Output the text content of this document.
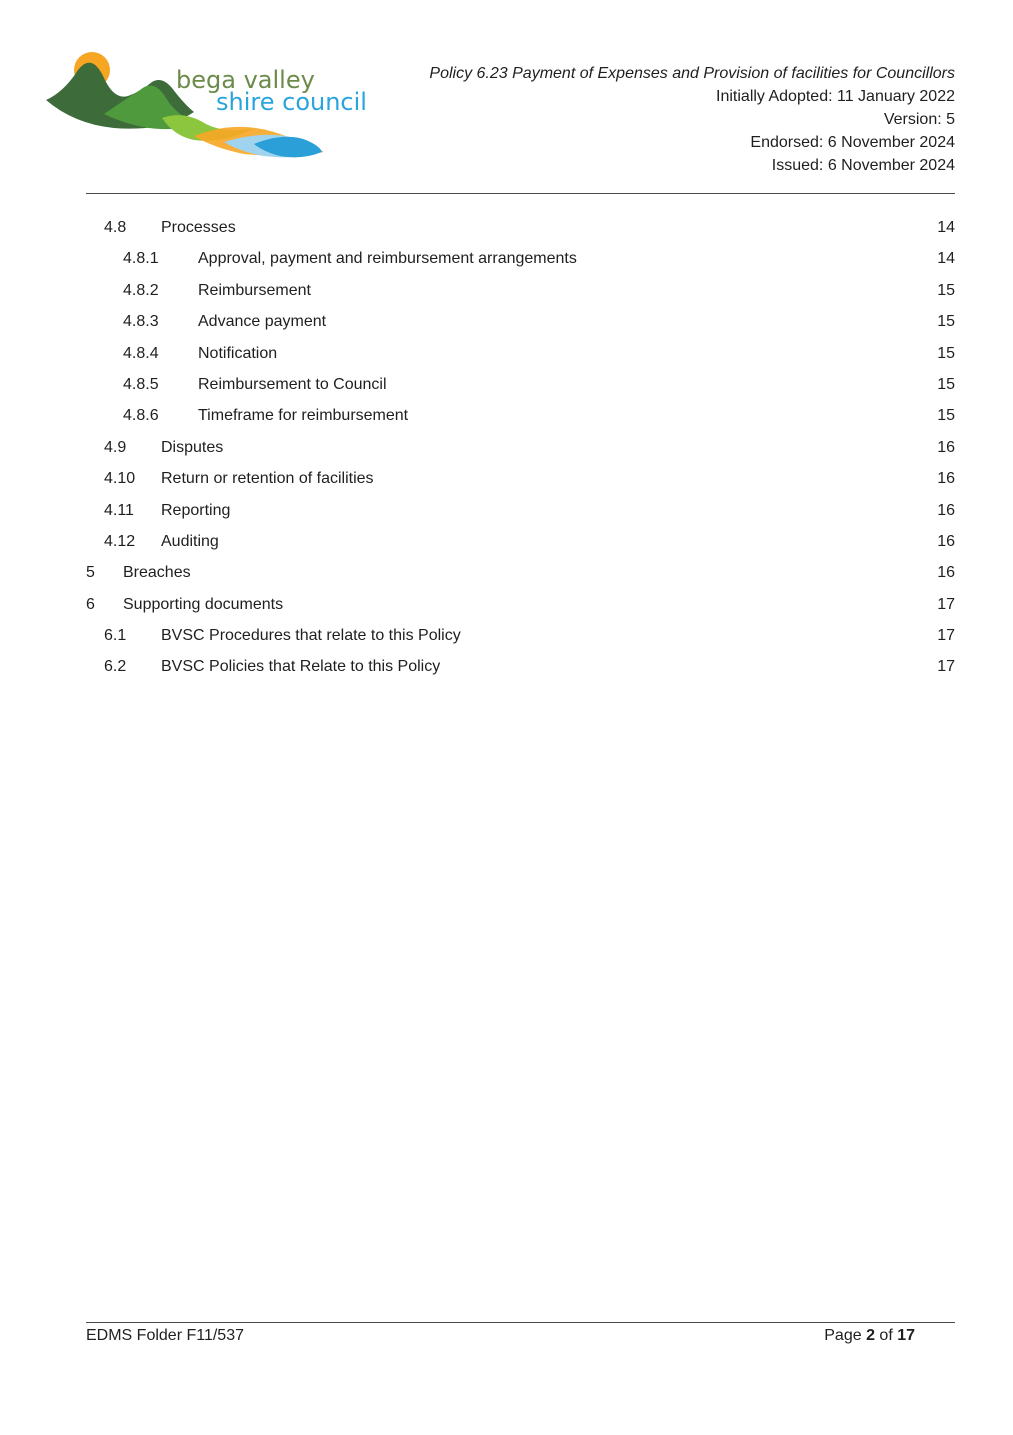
bega valley
shire council
Policy 6.23 Payment of Expenses and Provision of facilities for Councillors
Initially Adopted: 11 January 2022
Version: 5
Endorsed: 6 November 2024
Issued: 6 November 2024
4.8 Processes	14
4.8.1 Approval, payment and reimbursement arrangements	14
4.8.2 Reimbursement	15
4.8.3 Advance payment	15
4.8.4 Notification	15
4.8.5 Reimbursement to Council	15
4.8.6 Timeframe for reimbursement	15
4.9 Disputes	16
4.10 Return or retention of facilities	16
4.11 Reporting	16
4.12 Auditing	16
5 Breaches	16
6 Supporting documents	17
6.1 BVSC Procedures that relate to this Policy	17
6.2 BVSC Policies that Relate to this Policy	17
EDMS Folder F11/537	Page 2 of 17
